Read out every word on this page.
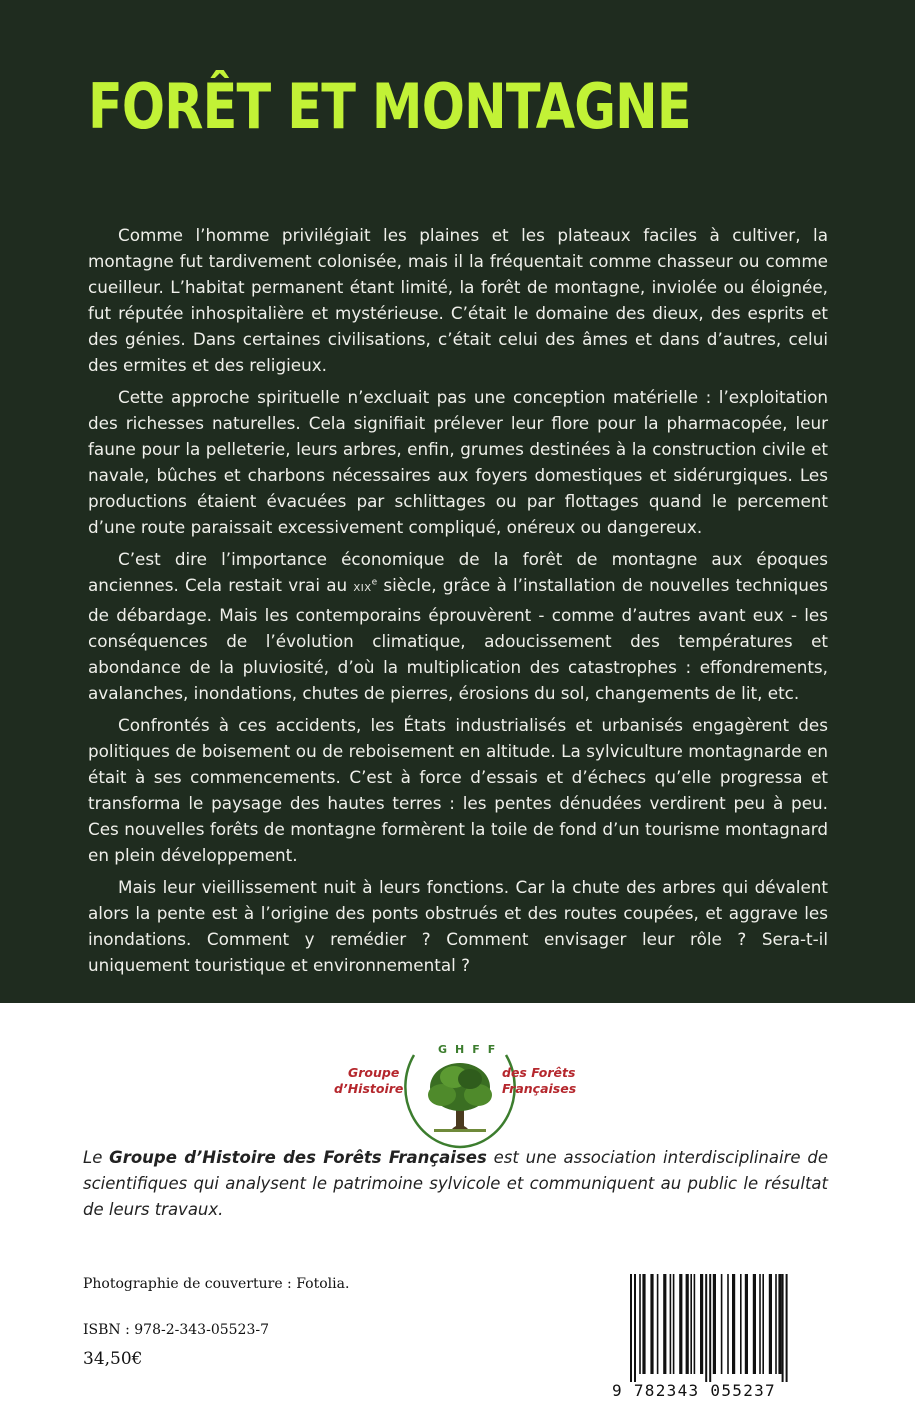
FORÊT ET MONTAGNE

Comme l’homme privilégiait les plaines et les plateaux faciles à cultiver, la montagne fut tardivement colonisée, mais il la fréquentait comme chasseur ou comme cueilleur. L’habitat permanent étant limité, la forêt de montagne, inviolée ou éloignée, fut réputée inhospitalière et mystérieuse. C’était le domaine des dieux, des esprits et des génies. Dans certaines civilisations, c’était celui des âmes et dans d’autres, celui des ermites et des religieux.

Cette approche spirituelle n’excluait pas une conception matérielle : l’exploitation des richesses naturelles. Cela signifiait prélever leur flore pour la pharmacopée, leur faune pour la pelleterie, leurs arbres, enfin, grumes destinées à la construction civile et navale, bûches et charbons nécessaires aux foyers domestiques et sidérurgiques. Les productions étaient évacuées par schlittages ou par flottages quand le percement d’une route paraissait excessivement compliqué, onéreux ou dangereux.

C’est dire l’importance économique de la forêt de montagne aux époques anciennes. Cela restait vrai au XIXe siècle, grâce à l’installation de nouvelles techniques de débardage. Mais les contemporains éprouvèrent - comme d’autres avant eux - les conséquences de l’évolution climatique, adoucissement des températures et abondance de la pluviosité, d’où la multiplication des catastrophes : effondrements, avalanches, inondations, chutes de pierres, érosions du sol, changements de lit, etc.

Confrontés à ces accidents, les États industrialisés et urbanisés engagèrent des politiques de boisement ou de reboisement en altitude. La sylviculture montagnarde en était à ses commencements. C’est à force d’essais et d’échecs qu’elle progressa et transforma le paysage des hautes terres : les pentes dénudées verdirent peu à peu. Ces nouvelles forêts de montagne formèrent la toile de fond d’un tourisme montagnard en plein développement.

Mais leur vieillissement nuit à leurs fonctions. Car la chute des arbres qui dévalent alors la pente est à l’origine des ponts obstrués et des routes coupées, et aggrave les inondations. Comment y remédier ? Comment envisager leur rôle ? Sera-t-il uniquement touristique et environnemental ?

GHFF
Groupe
d’Histoire
des Forêts
Françaises

Le Groupe d’Histoire des Forêts Françaises est une association interdisciplinaire de scientifiques qui analysent le patrimoine sylvicole et communiquent au public le résultat de leurs travaux.

Photographie de couverture : Fotolia.
ISBN : 978-2-343-05523-7
34,50€
9 782343 055237
